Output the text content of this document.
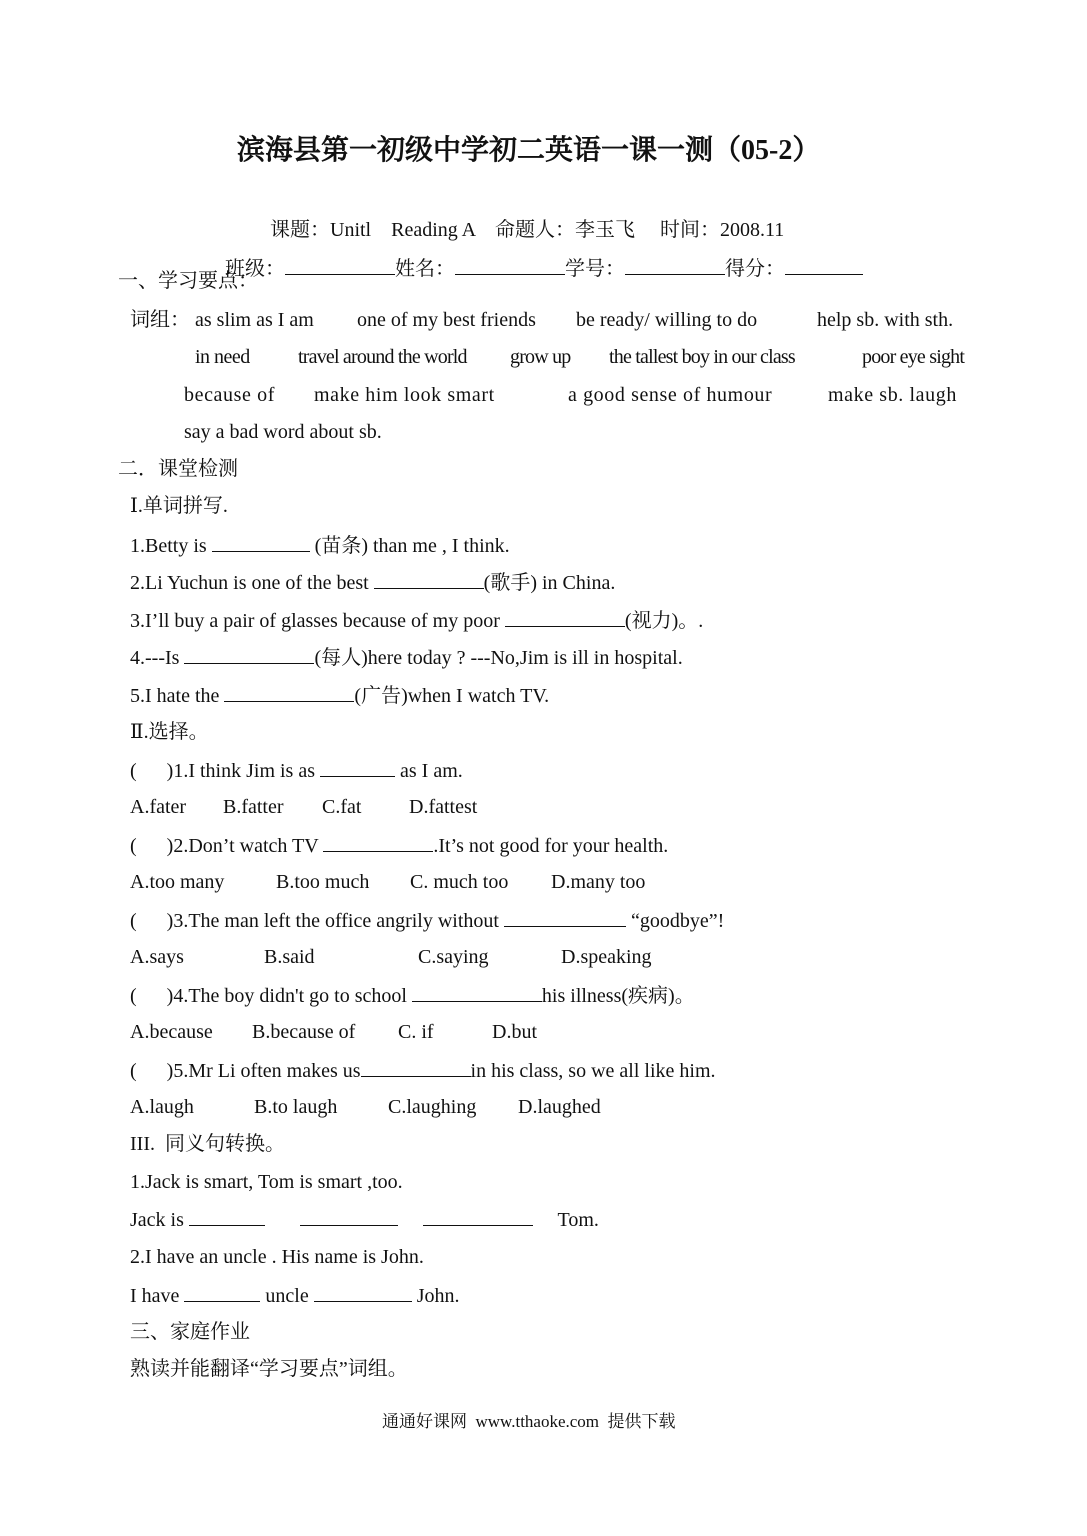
滨海县第一初级中学初二英语一课一测（05-2）

课题：Unitl    Reading A 命题人：李玉飞 时间：2008.11

班级：	姓名：	学号：	得分：

一、学习要点：
词组： as slim as I am one of my best friends be ready/ willing to do	help sb. with sth.
in need travel around the world grow up the tallest boy in our class	poor eye sight
because of make him look smart	a good sense of humour	make sb. laugh
say a bad word about sb.
二．课堂检测
Ⅰ.单词拼写.
1.Betty is	(苗条) than me , I think.
2.Li Yuchun is one of the best	(歌手) in China.
3.I’ll buy a pair of glasses because of my poor	(视力)。.
4.---Is	(每人)here today ? ---No,Jim is ill in hospital.
5.I hate the	(广告)when I watch TV.
Ⅱ.选择。
(      )1.I think Jim is as	as I am.
A.fater B.fatter C.fat D.fattest
(      )2.Don’t watch TV	.It’s not good for your health.
A.too many	B.too much C. much too D.many too
(      )3.The man left the office angrily without	“goodbye”!
A.says	B.said	C.saying	D.speaking
(      )4.The boy didn't go to school	his illness(疾病)。
A.because B.because of C. if	D.but
(      )5.Mr Li often makes us	in his class, so we all like him.
A.laugh	B.to laugh	C.laughing D.laughed
III.  同义句转换。
1.Jack is smart, Tom is smart ,too.
Jack is	Tom.
2.I have an uncle . His name is John.
I have	uncle	John.
三、家庭作业
熟读并能翻译“学习要点”词组。
通通好课网  www.tthaoke.com  提供下载
